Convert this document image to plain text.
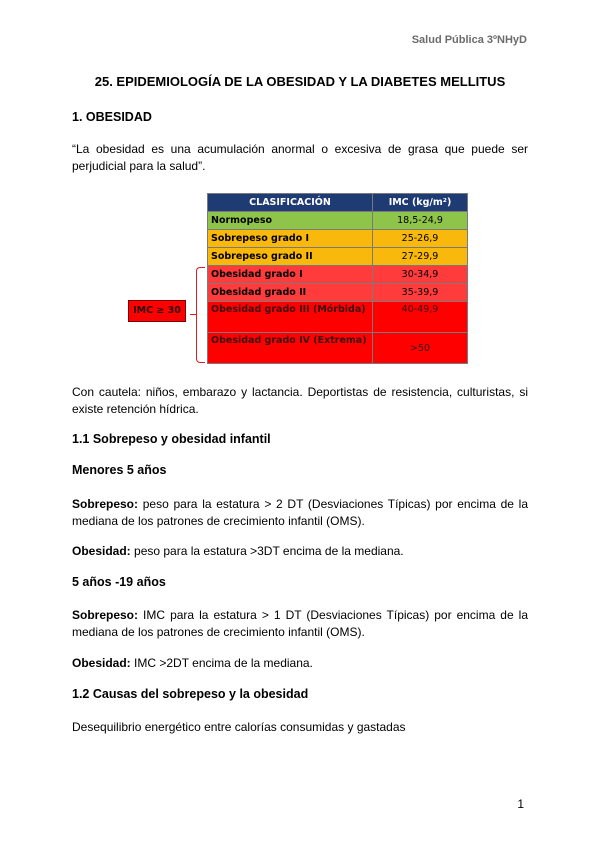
Salud Pública 3ºNHyD
25. EPIDEMIOLOGÍA DE LA OBESIDAD Y LA DIABETES MELLITUS
1. OBESIDAD
“La obesidad es una acumulación anormal o excesiva de grasa que puede ser perjudicial para la salud”.
CLASIFICACIÓN	IMC (kg/m²)
Normopeso	18,5-24,9
Sobrepeso grado I	25-26,9
Sobrepeso grado II	27-29,9
Obesidad grado I	30-34,9
Obesidad grado II	35-39,9
Obesidad grado III (Mórbida)	40-49,9
Obesidad grado IV (Extrema)	>50
IMC ≥ 30
Con cautela: niños, embarazo y lactancia. Deportistas de resistencia, culturistas, si existe retención hídrica.
1.1 Sobrepeso y obesidad infantil
Menores 5 años
Sobrepeso: peso para la estatura > 2 DT (Desviaciones Típicas) por encima de la mediana de los patrones de crecimiento infantil (OMS).
Obesidad: peso para la estatura >3DT encima de la mediana.
5 años -19 años
Sobrepeso: IMC para la estatura > 1 DT (Desviaciones Típicas) por encima de la mediana de los patrones de crecimiento infantil (OMS).
Obesidad: IMC >2DT encima de la mediana.
1.2 Causas del sobrepeso y la obesidad
Desequilibrio energético entre calorías consumidas y gastadas
1
